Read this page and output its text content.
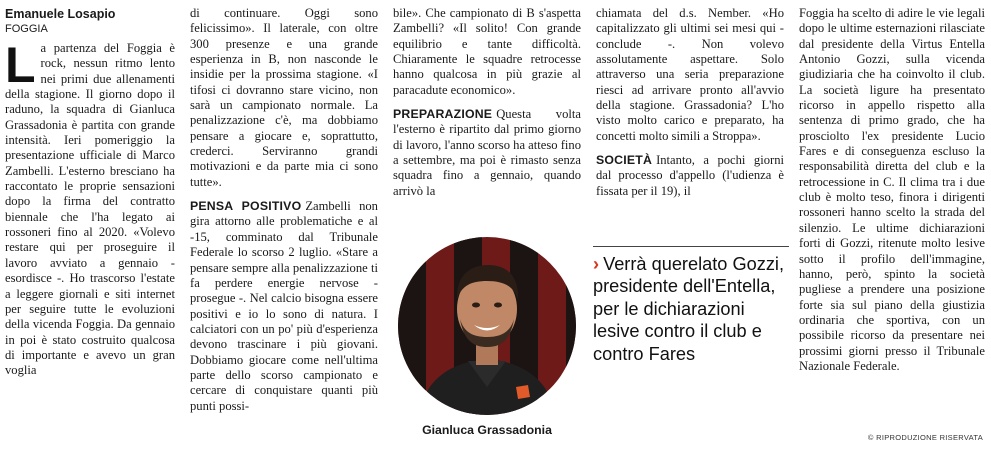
Emanuele Losapio
FOGGIA

La partenza del Foggia è rock, nessun ritmo lento nei primi due allenamenti della stagione. Il giorno dopo il raduno, la squadra di Gianluca Grassadonia è partita con grande intensità. Ieri pomeriggio la presentazione ufficiale di Marco Zambelli. L'esterno bresciano ha raccontato le proprie sensazioni dopo la firma del contratto biennale che l'ha legato ai rossoneri fino al 2020. «Volevo restare qui per proseguire il lavoro avviato a gennaio - esordisce -. Ho trascorso l'estate a leggere giornali e siti internet per seguire tutte le evoluzioni della vicenda Foggia. Da gennaio in poi è stato costruito qualcosa di importante e avevo un gran voglia

di continuare. Oggi sono felicissimo». Il laterale, con oltre 300 presenze e una grande esperienza in B, non nasconde le insidie per la prossima stagione. «I tifosi ci dovranno stare vicino, non sarà un campionato normale. La penalizzazione c'è, ma dobbiamo pensare a giocare e, soprattutto, crederci. Serviranno grandi motivazioni e da parte mia ci sono tutte».

PENSA POSITIVO Zambelli non gira attorno alle problematiche e al -15, comminato dal Tribunale Federale lo scorso 2 luglio. «Stare a pensare sempre alla penalizzazione ti fa perdere energie nervose - prosegue -. Nel calcio bisogna essere positivi e io lo sono di natura. I calciatori con un po' più d'esperienza devono trascinare i più giovani. Dobbiamo giocare come nell'ultima parte dello scorso campionato e cercare di conquistare quanti più punti possi-

bile». Che campionato di B s'aspetta Zambelli? «Il solito! Con grande equilibrio e tante difficoltà. Chiaramente le squadre retrocesse hanno qualcosa in più grazie al paracadute economico».

PREPARAZIONE Questa volta l'esterno è ripartito dal primo giorno di lavoro, l'anno scorso ha atteso fino a settembre, ma poi è rimasto senza squadra fino a gennaio, quando arrivò la

Gianluca Grassadonia

chiamata del d.s. Nember. «Ho capitalizzato gli ultimi sei mesi qui - conclude -. Non volevo assolutamente aspettare. Solo attraverso una seria preparazione riesci ad arrivare pronto all'avvio della stagione. Grassadonia? L'ho visto molto carico e preparato, ha concetti molto simili a Stroppa».

SOCIETÀ Intanto, a pochi giorni dal processo d'appello (l'udienza è fissata per il 19), il

› Verrà querelato Gozzi, presidente dell'Entella, per le dichiarazioni lesive contro il club e contro Fares

Foggia ha scelto di adire le vie legali dopo le ultime esternazioni rilasciate dal presidente della Virtus Entella Antonio Gozzi, sulla vicenda giudiziaria che ha coinvolto il club. La società ligure ha presentato ricorso in appello rispetto alla sentenza di primo grado, che ha prosciolto l'ex presidente Lucio Fares e di conseguenza escluso la responsabilità diretta del club e la retrocessione in C. Il clima tra i due club è molto teso, finora i dirigenti rossoneri hanno scelto la strada del silenzio. Le ultime dichiarazioni forti di Gozzi, ritenute molto lesive sotto il profilo dell'immagine, hanno, però, spinto la società pugliese a prendere una posizione forte sia sul piano della giustizia ordinaria che sportiva, con un possibile ricorso da presentare nei prossimi giorni presso il Tribunale Nazionale Federale.

© RIPRODUZIONE RISERVATA
